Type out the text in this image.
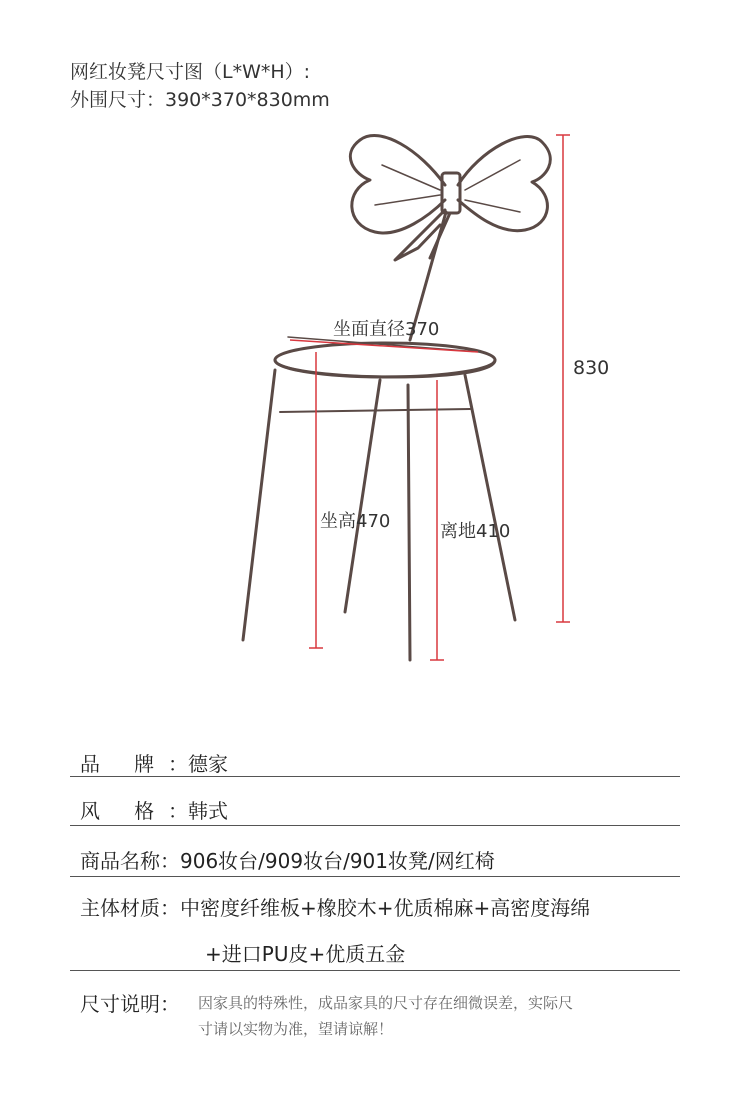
网红妆凳尺寸图（L*W*H）:
外围尺寸：390*370*830mm
坐面直径370
830
坐高470	离地410
品 牌：德家
风 格：韩式
商品名称：906妆台/909妆台/901妆凳/网红椅
主体材质：中密度纤维板+橡胶木+优质棉麻+高密度海绵
+进口PU皮+优质五金
尺寸说明：	因家具的特殊性，成品家具的尺寸存在细微误差，实际尺
寸请以实物为准，望请谅解！
